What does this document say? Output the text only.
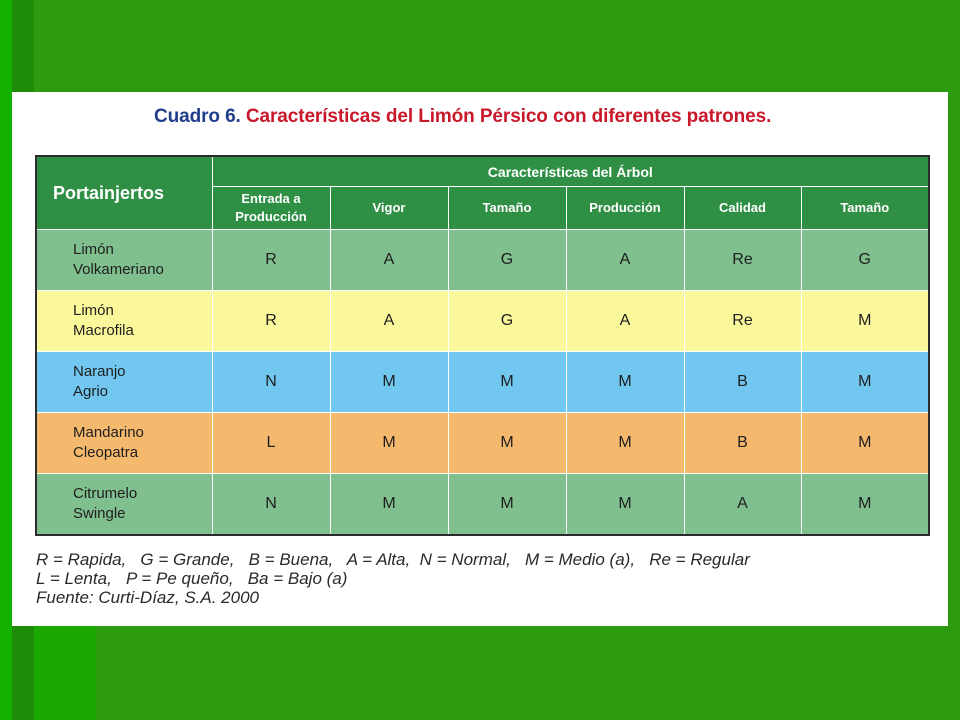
Cuadro 6. Características del Limón Pérsico con diferentes patrones.
Portainjertos	Características del Árbol					
	Entrada a
Producción	Vigor	Tamaño	Producción	Calidad	Tamaño
Limón
Volkameriano	R	A	G	A	Re	G
Limón
Macrofila	R	A	G	A	Re	M
Naranjo
Agrio	N	M	M	M	B	M
Mandarino
Cleopatra	L	M	M	M	B	M
Citrumelo
Swingle	N	M	M	M	A	M
R = Rapida,   G = Grande,   B = Buena,   A = Alta,  N = Normal,   M = Medio (a),   Re = Regular
L = Lenta,   P = Pe queño,   Ba = Bajo (a)
Fuente: Curti-Díaz, S.A. 2000
